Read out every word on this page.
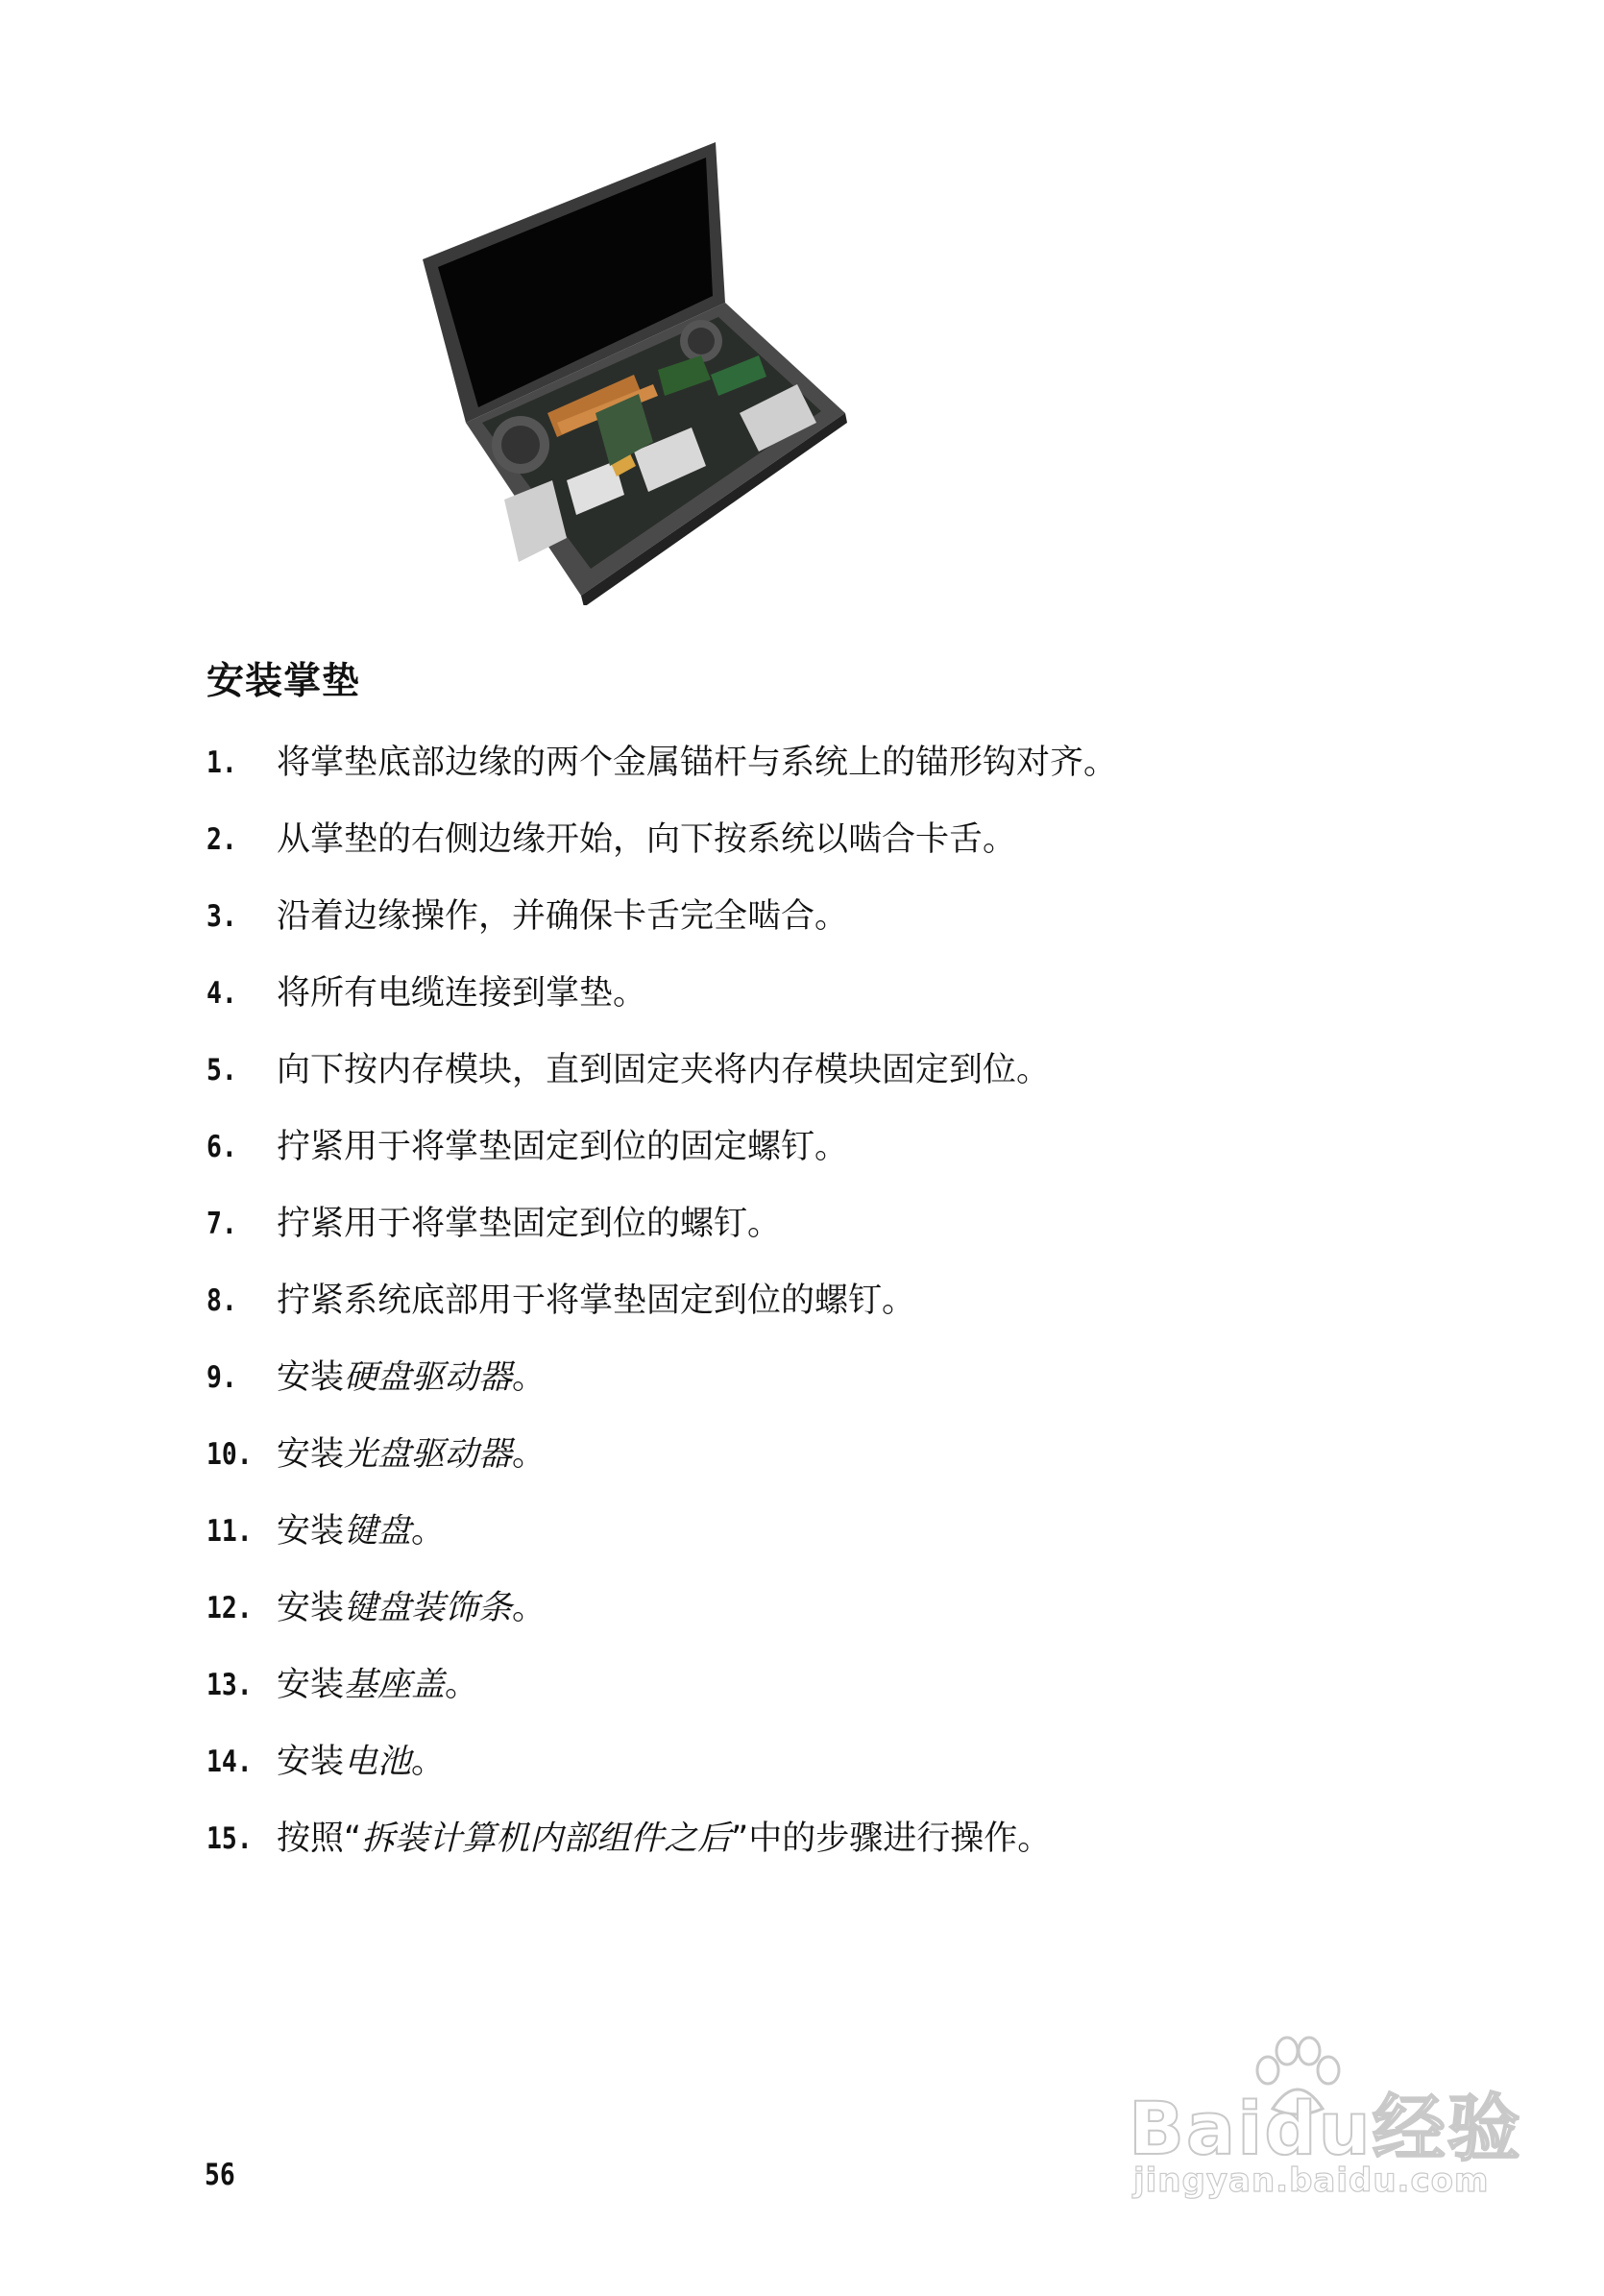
安装掌垫
1.	将掌垫底部边缘的两个金属锚杆与系统上的锚形钩对齐。
2.	从掌垫的右侧边缘开始，向下按系统以啮合卡舌。
3.	沿着边缘操作，并确保卡舌完全啮合。
4.	将所有电缆连接到掌垫。
5.	向下按内存模块，直到固定夹将内存模块固定到位。
6.	拧紧用于将掌垫固定到位的固定螺钉。
7.	拧紧用于将掌垫固定到位的螺钉。
8.	拧紧系统底部用于将掌垫固定到位的螺钉。
9.	安装硬盘驱动器。
10. 安装光盘驱动器。
11. 安装键盘。
12. 安装键盘装饰条。
13. 安装基座盖。
14. 安装电池。
15. 按照“拆装计算机内部组件之后”中的步骤进行操作。
56
Baidu经验
jingyan.baidu.com
